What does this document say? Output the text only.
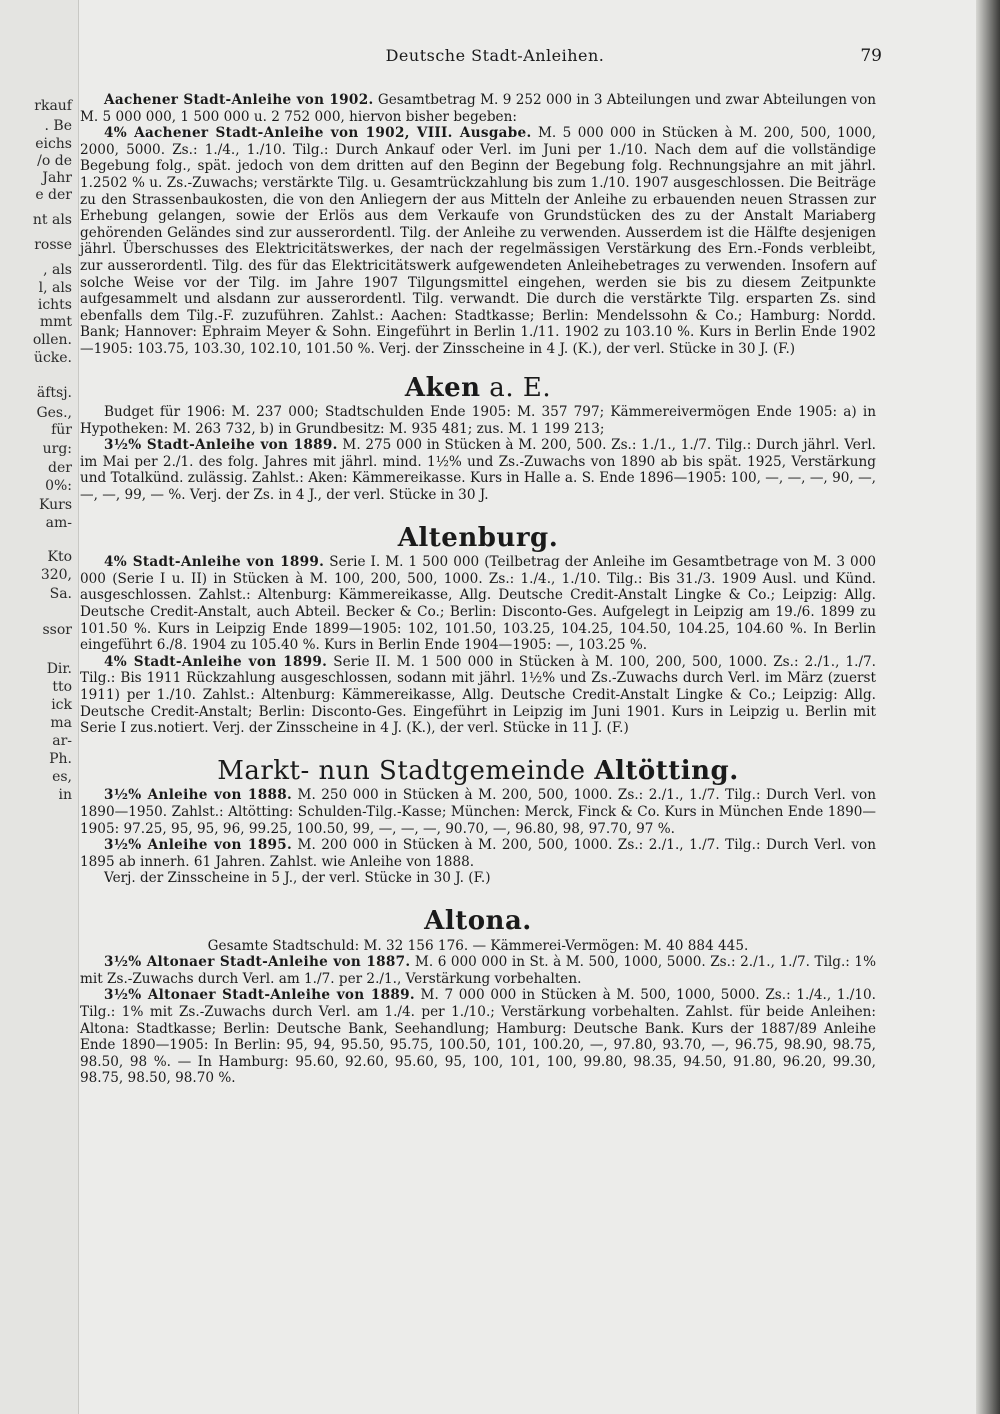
rkauf
. Be
eichs
/o de
Jahr
e der
nt als
rosse
, als
l, als
ichts
mmt
ollen.
ücke.
äftsj.
Ges.,
für
urg:
der
0%:
Kurs
am-
Kto
320,
Sa.
ssor
Dir.
tto
ick
ma
ar-
Ph.
es,
in
Deutsche Stadt-Anleihen.	79

Aachener Stadt-Anleihe von 1902. Gesamtbetrag M. 9 252 000 in 3 Abteilungen und zwar Abteilungen von M. 5 000 000, 1 500 000 u. 2 752 000, hiervon bisher begeben:

4% Aachener Stadt-Anleihe von 1902, VIII. Ausgabe. M. 5 000 000 in Stücken à M. 200, 500, 1000, 2000, 5000. Zs.: 1./4., 1./10. Tilg.: Durch Ankauf oder Verl. im Juni per 1./10. Nach dem auf die vollständige Begebung folg., spät. jedoch von dem dritten auf den Beginn der Begebung folg. Rechnungsjahre an mit jährl. 1.2502 % u. Zs.-Zuwachs; verstärkte Tilg. u. Gesamtrückzahlung bis zum 1./10. 1907 ausgeschlossen. Die Beiträge zu den Strassenbaukosten, die von den Anliegern der aus Mitteln der Anleihe zu erbauenden neuen Strassen zur Erhebung gelangen, sowie der Erlös aus dem Verkaufe von Grundstücken des zu der Anstalt Mariaberg gehörenden Geländes sind zur ausserordentl. Tilg. der Anleihe zu verwenden. Ausserdem ist die Hälfte desjenigen jährl. Überschusses des Elektricitätswerkes, der nach der regelmässigen Verstärkung des Ern.-Fonds verbleibt, zur ausserordentl. Tilg. des für das Elektricitätswerk aufgewendeten Anleihebetrages zu verwenden. Insofern auf solche Weise vor der Tilg. im Jahre 1907 Tilgungsmittel eingehen, werden sie bis zu diesem Zeitpunkte aufgesammelt und alsdann zur ausserordentl. Tilg. verwandt. Die durch die verstärkte Tilg. ersparten Zs. sind ebenfalls dem Tilg.-F. zuzuführen. Zahlst.: Aachen: Stadtkasse; Berlin: Mendelssohn & Co.; Hamburg: Nordd. Bank; Hannover: Ephraim Meyer & Sohn. Eingeführt in Berlin 1./11. 1902 zu 103.10 %. Kurs in Berlin Ende 1902—1905: 103.75, 103.30, 102.10, 101.50 %. Verj. der Zinsscheine in 4 J. (K.), der verl. Stücke in 30 J. (F.)

Aken a. E.

Budget für 1906: M. 237 000; Stadtschulden Ende 1905: M. 357 797; Kämmereivermögen Ende 1905: a) in Hypotheken: M. 263 732, b) in Grundbesitz: M. 935 481; zus. M. 1 199 213;

3½% Stadt-Anleihe von 1889. M. 275 000 in Stücken à M. 200, 500. Zs.: 1./1., 1./7. Tilg.: Durch jährl. Verl. im Mai per 2./1. des folg. Jahres mit jährl. mind. 1½% und Zs.-Zuwachs von 1890 ab bis spät. 1925, Verstärkung und Totalkünd. zulässig. Zahlst.: Aken: Kämmereikasse. Kurs in Halle a. S. Ende 1896—1905: 100, —, —, —, 90, —, —, —, 99, — %. Verj. der Zs. in 4 J., der verl. Stücke in 30 J.

Altenburg.

4% Stadt-Anleihe von 1899. Serie I. M. 1 500 000 (Teilbetrag der Anleihe im Gesamtbetrage von M. 3 000 000 (Serie I u. II) in Stücken à M. 100, 200, 500, 1000. Zs.: 1./4., 1./10. Tilg.: Bis 31./3. 1909 Ausl. und Künd. ausgeschlossen. Zahlst.: Altenburg: Kämmereikasse, Allg. Deutsche Credit-Anstalt Lingke & Co.; Leipzig: Allg. Deutsche Credit-Anstalt, auch Abteil. Becker & Co.; Berlin: Disconto-Ges. Aufgelegt in Leipzig am 19./6. 1899 zu 101.50 %. Kurs in Leipzig Ende 1899—1905: 102, 101.50, 103.25, 104.25, 104.50, 104.25, 104.60 %. In Berlin eingeführt 6./8. 1904 zu 105.40 %. Kurs in Berlin Ende 1904—1905: —, 103.25 %.

4% Stadt-Anleihe von 1899. Serie II. M. 1 500 000 in Stücken à M. 100, 200, 500, 1000. Zs.: 2./1., 1./7. Tilg.: Bis 1911 Rückzahlung ausgeschlossen, sodann mit jährl. 1½% und Zs.-Zuwachs durch Verl. im März (zuerst 1911) per 1./10. Zahlst.: Altenburg: Kämmereikasse, Allg. Deutsche Credit-Anstalt Lingke & Co.; Leipzig: Allg. Deutsche Credit-Anstalt; Berlin: Disconto-Ges. Eingeführt in Leipzig im Juni 1901. Kurs in Leipzig u. Berlin mit Serie I zus.notiert. Verj. der Zinsscheine in 4 J. (K.), der verl. Stücke in 11 J. (F.)

Markt- nun Stadtgemeinde Altötting.

3½% Anleihe von 1888. M. 250 000 in Stücken à M. 200, 500, 1000. Zs.: 2./1., 1./7. Tilg.: Durch Verl. von 1890—1950. Zahlst.: Altötting: Schulden-Tilg.-Kasse; München: Merck, Finck & Co. Kurs in München Ende 1890—1905: 97.25, 95, 95, 96, 99.25, 100.50, 99, —, —, —, 90.70, —, 96.80, 98, 97.70, 97 %.

3½% Anleihe von 1895. M. 200 000 in Stücken à M. 200, 500, 1000. Zs.: 2./1., 1./7. Tilg.: Durch Verl. von 1895 ab innerh. 61 Jahren. Zahlst. wie Anleihe von 1888.

Verj. der Zinsscheine in 5 J., der verl. Stücke in 30 J. (F.)

Altona.

Gesamte Stadtschuld: M. 32 156 176. — Kämmerei-Vermögen: M. 40 884 445.

3½% Altonaer Stadt-Anleihe von 1887. M. 6 000 000 in St. à M. 500, 1000, 5000. Zs.: 2./1., 1./7. Tilg.: 1% mit Zs.-Zuwachs durch Verl. am 1./7. per 2./1., Verstärkung vorbehalten.

3½% Altonaer Stadt-Anleihe von 1889. M. 7 000 000 in Stücken à M. 500, 1000, 5000. Zs.: 1./4., 1./10. Tilg.: 1% mit Zs.-Zuwachs durch Verl. am 1./4. per 1./10.; Verstärkung vorbehalten. Zahlst. für beide Anleihen: Altona: Stadtkasse; Berlin: Deutsche Bank, Seehandlung; Hamburg: Deutsche Bank. Kurs der 1887/89 Anleihe Ende 1890—1905: In Berlin: 95, 94, 95.50, 95.75, 100.50, 101, 100.20, —, 97.80, 93.70, —, 96.75, 98.90, 98.75, 98.50, 98 %. — In Hamburg: 95.60, 92.60, 95.60, 95, 100, 101, 100, 99.80, 98.35, 94.50, 91.80, 96.20, 99.30, 98.75, 98.50, 98.70 %.
